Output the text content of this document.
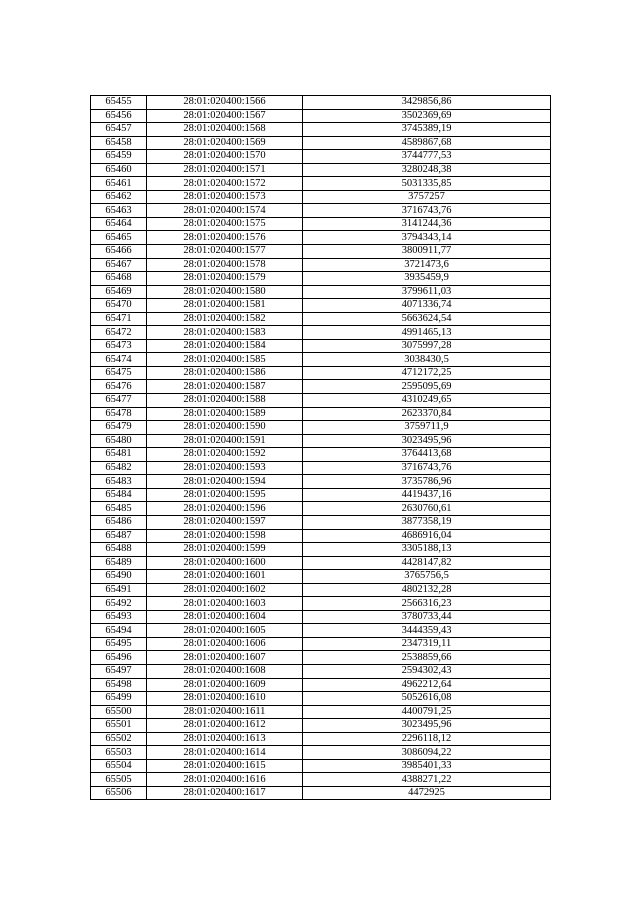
65455	28:01:020400:1566	3429856,86
65456	28:01:020400:1567	3502369,69
65457	28:01:020400:1568	3745389,19
65458	28:01:020400:1569	4589867,68
65459	28:01:020400:1570	3744777,53
65460	28:01:020400:1571	3280248,38
65461	28:01:020400:1572	5031335,85
65462	28:01:020400:1573	3757257
65463	28:01:020400:1574	3716743,76
65464	28:01:020400:1575	3141244,36
65465	28:01:020400:1576	3794343,14
65466	28:01:020400:1577	3800911,77
65467	28:01:020400:1578	3721473,6
65468	28:01:020400:1579	3935459,9
65469	28:01:020400:1580	3799611,03
65470	28:01:020400:1581	4071336,74
65471	28:01:020400:1582	5663624,54
65472	28:01:020400:1583	4991465,13
65473	28:01:020400:1584	3075997,28
65474	28:01:020400:1585	3038430,5
65475	28:01:020400:1586	4712172,25
65476	28:01:020400:1587	2595095,69
65477	28:01:020400:1588	4310249,65
65478	28:01:020400:1589	2623370,84
65479	28:01:020400:1590	3759711,9
65480	28:01:020400:1591	3023495,96
65481	28:01:020400:1592	3764413,68
65482	28:01:020400:1593	3716743,76
65483	28:01:020400:1594	3735786,96
65484	28:01:020400:1595	4419437,16
65485	28:01:020400:1596	2630760,61
65486	28:01:020400:1597	3877358,19
65487	28:01:020400:1598	4686916,04
65488	28:01:020400:1599	3305188,13
65489	28:01:020400:1600	4428147,82
65490	28:01:020400:1601	3765756,5
65491	28:01:020400:1602	4802132,28
65492	28:01:020400:1603	2566316,23
65493	28:01:020400:1604	3780733,44
65494	28:01:020400:1605	3444359,43
65495	28:01:020400:1606	2347319,11
65496	28:01:020400:1607	2538859,66
65497	28:01:020400:1608	2594302,43
65498	28:01:020400:1609	4962212,64
65499	28:01:020400:1610	5052616,08
65500	28:01:020400:1611	4400791,25
65501	28:01:020400:1612	3023495,96
65502	28:01:020400:1613	2296118,12
65503	28:01:020400:1614	3086094,22
65504	28:01:020400:1615	3985401,33
65505	28:01:020400:1616	4388271,22
65506	28:01:020400:1617	4472925
